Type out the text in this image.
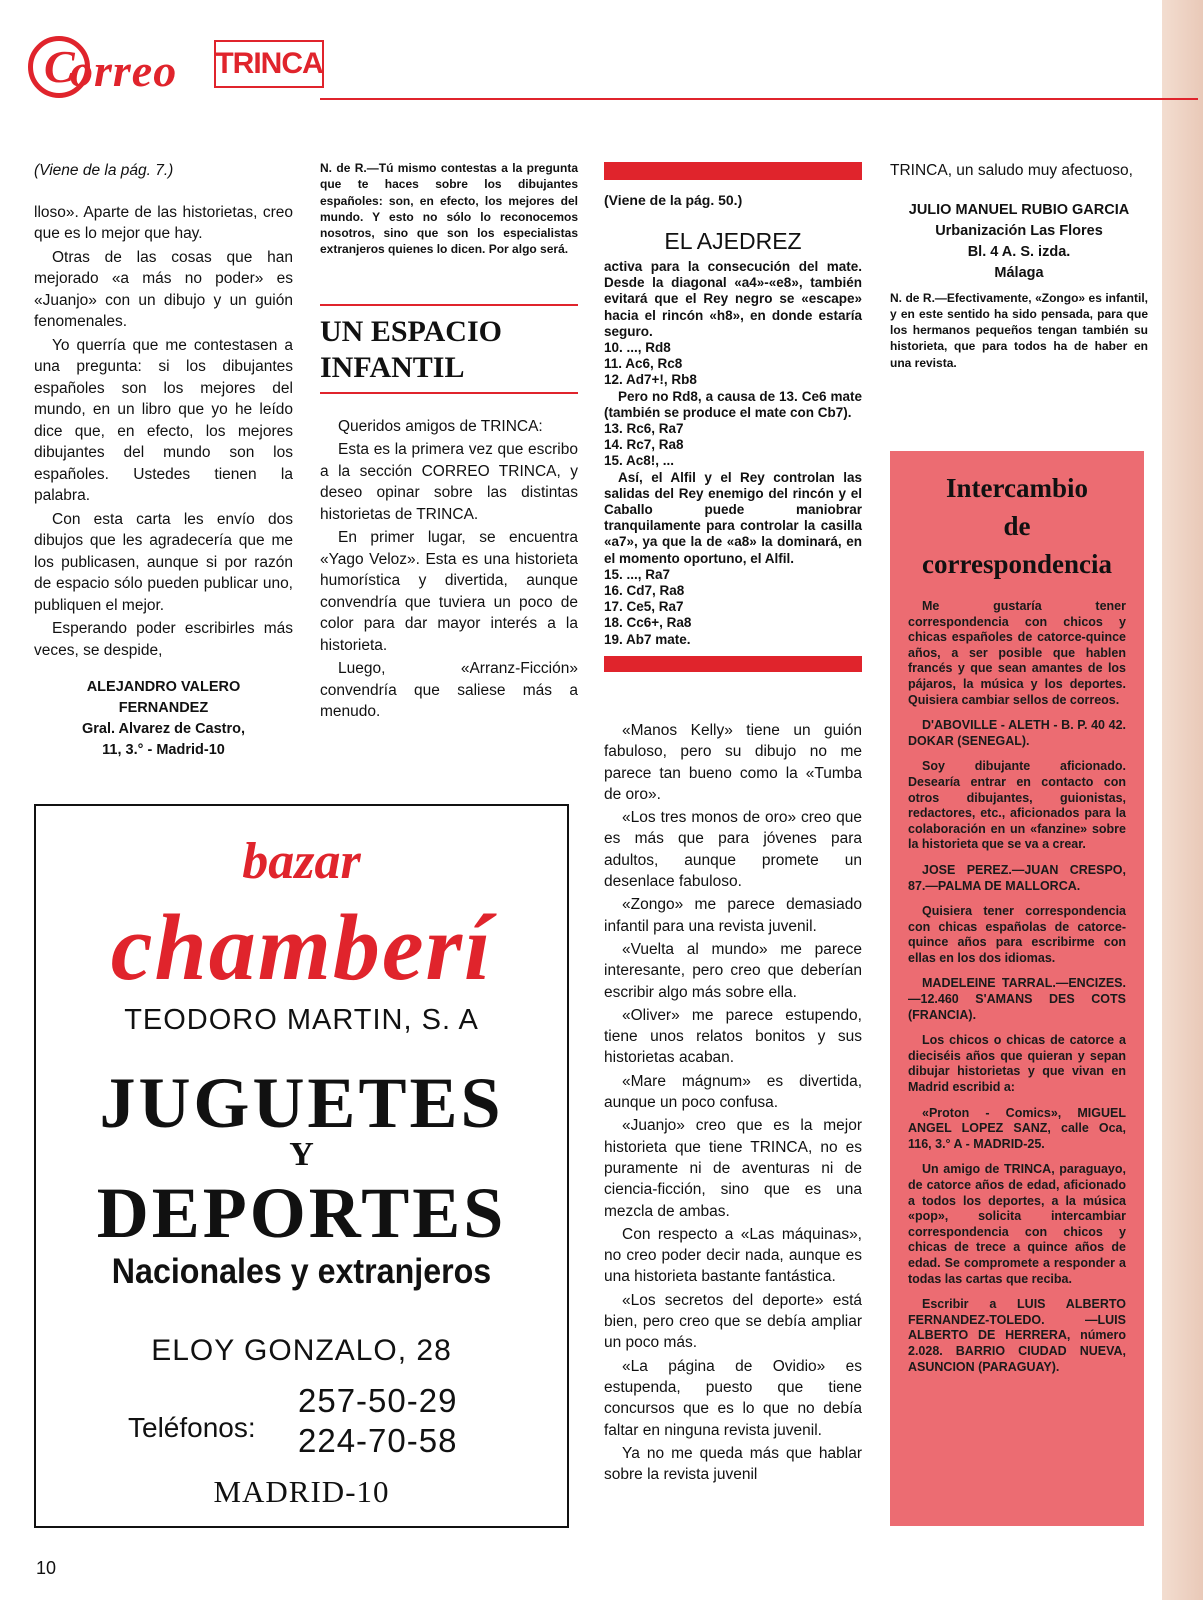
C
orreo TRINCA

(Viene de la pág. 7.)

lloso». Aparte de las historietas, creo que es lo mejor que hay.

Otras de las cosas que han mejorado «a más no poder» es «Juanjo» con un dibujo y un guión fenomenales.

Yo querría que me contestasen a una pregunta: si los dibujantes españoles son los mejores del mundo, en un libro que yo he leído dice que, en efecto, los mejores dibujantes del mundo son los españoles. Ustedes tienen la palabra.

Con esta carta les envío dos dibujos que les agradecería que me los publicasen, aunque si por razón de espacio sólo pueden publicar uno, publiquen el mejor.

Esperando poder escribirles más veces, se despide,

ALEJANDRO VALERO
FERNANDEZ
Gral. Alvarez de Castro,
11, 3.° - Madrid-10
N. de R.—Tú mismo contestas a la pregunta que te haces sobre los dibujantes españoles: son, en efecto, los mejores del mundo. Y esto no sólo lo reconocemos nosotros, sino que son los especialistas extranjeros quienes lo dicen. Por algo será.
UN ESPACIO
INFANTIL

Queridos amigos de TRINCA:

Esta es la primera vez que escribo a la sección CORREO TRINCA, y deseo opinar sobre las distintas historietas de TRINCA.

En primer lugar, se encuentra «Yago Veloz». Esta es una historieta humorística y divertida, aunque convendría que tuviera un poco de color para dar mayor interés a la historieta.

Luego, «Arranz-Ficción» convendría que saliese más a menudo.

(Viene de la pág. 50.)
EL AJEDREZ
activa para la consecución del mate. Desde la diagonal «a4»-«e8», también evitará que el Rey negro se «escape» hacia el rincón «h8», en donde estaría seguro.
10. ..., Rd8
11. Ac6, Rc8
12. Ad7+!, Rb8
Pero no Rd8, a causa de 13. Ce6 mate (también se produce el mate con Cb7).
13. Rc6, Ra7
14. Rc7, Ra8
15. Ac8!, ...
Así, el Alfil y el Rey controlan las salidas del Rey enemigo del rincón y el Caballo puede maniobrar tranquilamente para controlar la casilla «a7», ya que la de «a8» la dominará, en el momento oportuno, el Alfil.
15. ..., Ra7
16. Cd7, Ra8
17. Ce5, Ra7
18. Cc6+, Ra8
19. Ab7 mate.

«Manos Kelly» tiene un guión fabuloso, pero su dibujo no me parece tan bueno como la «Tumba de oro».

«Los tres monos de oro» creo que es más que para jóvenes para adultos, aunque promete un desenlace fabuloso.

«Zongo» me parece demasiado infantil para una revista juvenil.

«Vuelta al mundo» me parece interesante, pero creo que deberían escribir algo más sobre ella.

«Oliver» me parece estupendo, tiene unos relatos bonitos y sus historietas acaban.

«Mare mágnum» es divertida, aunque un poco confusa.

«Juanjo» creo que es la mejor historieta que tiene TRINCA, no es puramente ni de aventuras ni de ciencia-ficción, sino que es una mezcla de ambas.

Con respecto a «Las máquinas», no creo poder decir nada, aunque es una historieta bastante fantástica.

«Los secretos del deporte» está bien, pero creo que se debía ampliar un poco más.

«La página de Ovidio» es estupenda, puesto que tiene concursos que es lo que no debía faltar en ninguna revista juvenil.

Ya no me queda más que hablar sobre la revista juvenil

TRINCA, un saludo muy afectuoso,
JULIO MANUEL RUBIO GARCIA
Urbanización Las Flores
Bl. 4 A. S. izda.
Málaga
N. de R.—Efectivamente, «Zongo» es infantil, y en este sentido ha sido pensada, para que los hermanos pequeños tengan también su historieta, que para todos ha de haber en una revista.
Intercambio
de
correspondencia

Me gustaría tener correspondencia con chicos y chicas españoles de catorce-quince años, a ser posible que hablen francés y que sean amantes de los pájaros, la música y los deportes. Quisiera cambiar sellos de correos.

D'ABOVILLE - ALETH - B. P. 40 42. DOKAR (SENEGAL).

Soy dibujante aficionado. Desearía entrar en contacto con otros dibujantes, guionistas, redactores, etc., aficionados para la colaboración en un «fanzine» sobre la historieta que se va a crear.

JOSE PEREZ.—JUAN CRESPO, 87.—PALMA DE MALLORCA.

Quisiera tener correspondencia con chicas españolas de catorce-quince años para escribirme con ellas en los dos idiomas.

MADELEINE TARRAL.—ENCIZES.—12.460 S'AMANS DES COTS (FRANCIA).

Los chicos o chicas de catorce a dieciséis años que quieran y sepan dibujar historietas y que vivan en Madrid escribid a:

«Proton - Comics», MIGUEL ANGEL LOPEZ SANZ, calle Oca, 116, 3.° A - MADRID-25.

Un amigo de TRINCA, paraguayo, de catorce años de edad, aficionado a todos los deportes, a la música «pop», solicita intercambiar correspondencia con chicos y chicas de trece a quince años de edad. Se compromete a responder a todas las cartas que reciba.

Escribir a LUIS ALBERTO FERNANDEZ-TOLEDO. —LUIS ALBERTO DE HERRERA, número 2.028. BARRIO CIUDAD NUEVA, ASUNCION (PARAGUAY).

bazar
chamberí
TEODORO MARTIN, S. A
JUGUETES
Y
DEPORTES
Nacionales y extranjeros
ELOY GONZALO, 28
Teléfonos:
257-50-29
224-70-58
MADRID-10
10
